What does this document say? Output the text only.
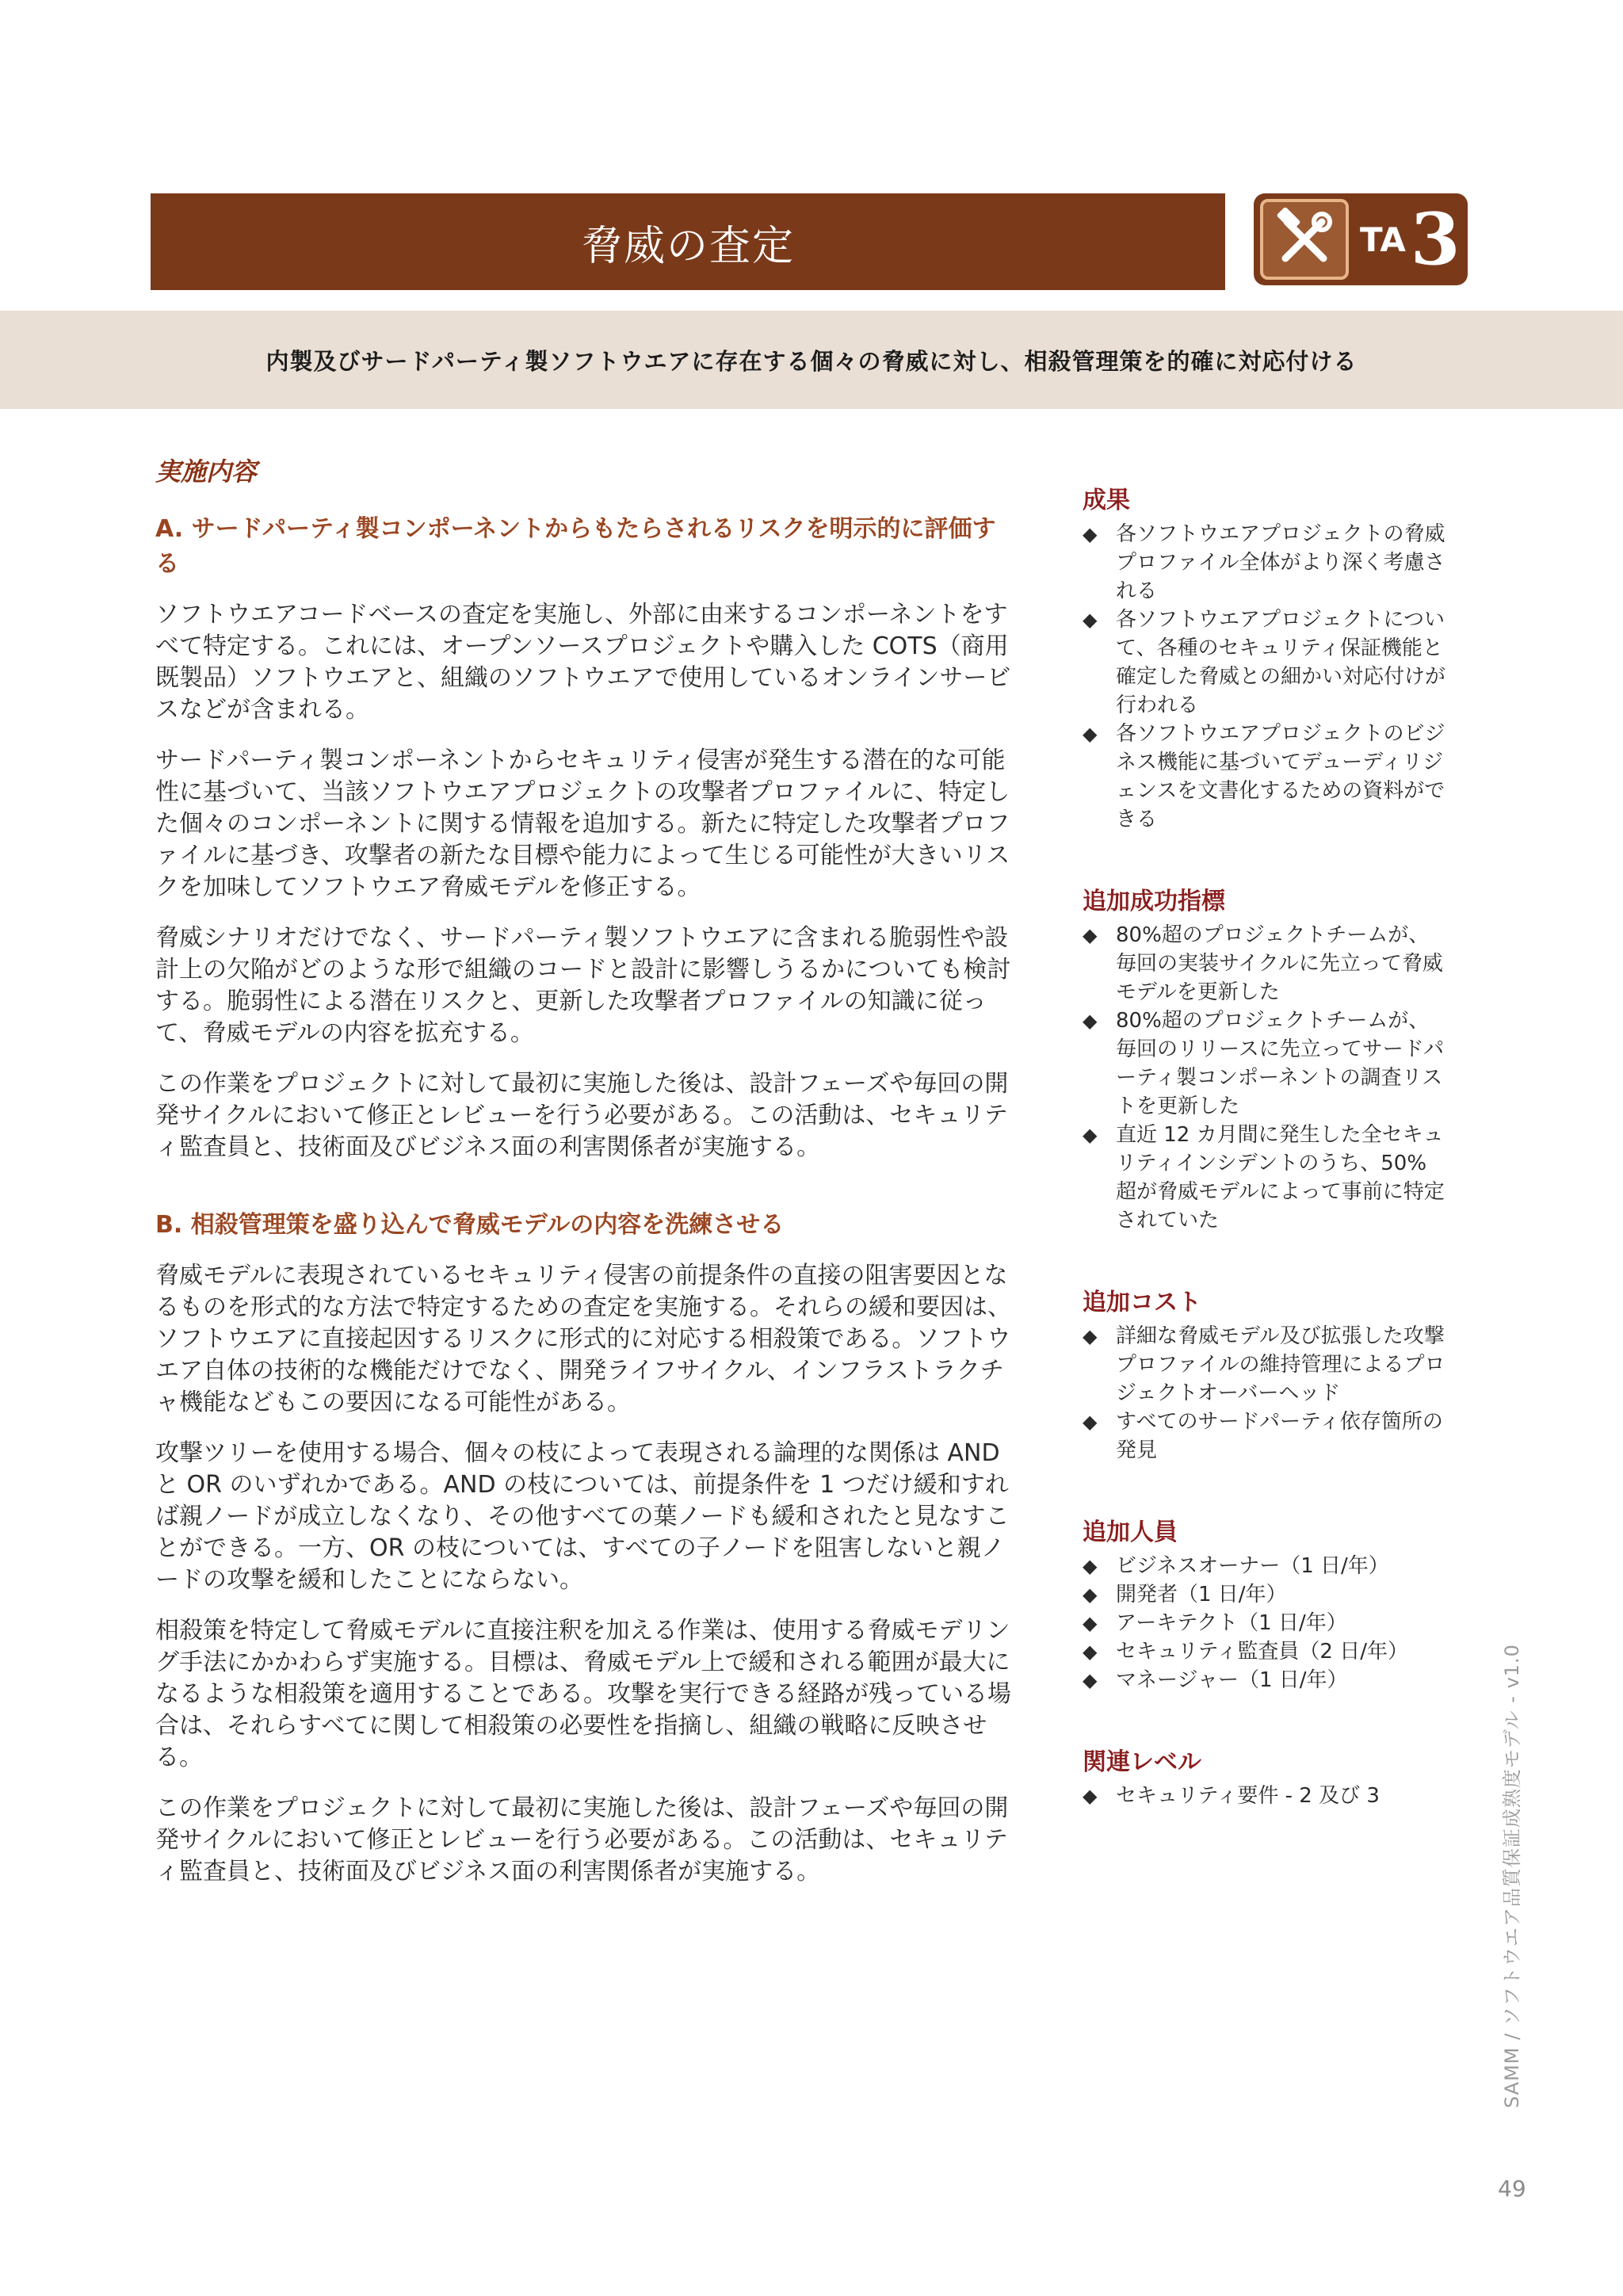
脅威の査定	TA 3

内製及びサードパーティ製ソフトウエアに存在する個々の脅威に対し、相殺管理策を的確に対応付ける

実施内容
A. サードパーティ製コンポーネントからもたらされるリスクを明示的に評価する

ソフトウエアコードベースの査定を実施し、外部に由来するコンポーネントをすべて特定する。これには、オープンソースプロジェクトや購入した COTS（商用既製品）ソフトウエアと、組織のソフトウエアで使用しているオンラインサービスなどが含まれる。

サードパーティ製コンポーネントからセキュリティ侵害が発生する潜在的な可能性に基づいて、当該ソフトウエアプロジェクトの攻撃者プロファイルに、特定した個々のコンポーネントに関する情報を追加する。新たに特定した攻撃者プロファイルに基づき、攻撃者の新たな目標や能力によって生じる可能性が大きいリスクを加味してソフトウエア脅威モデルを修正する。

脅威シナリオだけでなく、サードパーティ製ソフトウエアに含まれる脆弱性や設計上の欠陥がどのような形で組織のコードと設計に影響しうるかについても検討する。脆弱性による潜在リスクと、更新した攻撃者プロファイルの知識に従って、脅威モデルの内容を拡充する。

この作業をプロジェクトに対して最初に実施した後は、設計フェーズや毎回の開発サイクルにおいて修正とレビューを行う必要がある。この活動は、セキュリティ監査員と、技術面及びビジネス面の利害関係者が実施する。

B. 相殺管理策を盛り込んで脅威モデルの内容を洗練させる

脅威モデルに表現されているセキュリティ侵害の前提条件の直接の阻害要因となるものを形式的な方法で特定するための査定を実施する。それらの緩和要因は、ソフトウエアに直接起因するリスクに形式的に対応する相殺策である。ソフトウエア自体の技術的な機能だけでなく、開発ライフサイクル、インフラストラクチャ機能などもこの要因になる可能性がある。

攻撃ツリーを使用する場合、個々の枝によって表現される論理的な関係は AND と OR のいずれかである。AND の枝については、前提条件を 1 つだけ緩和すれば親ノードが成立しなくなり、その他すべての葉ノードも緩和されたと見なすことができる。一方、OR の枝については、すべての子ノードを阻害しないと親ノードの攻撃を緩和したことにならない。

相殺策を特定して脅威モデルに直接注釈を加える作業は、使用する脅威モデリング手法にかかわらず実施する。目標は、脅威モデル上で緩和される範囲が最大になるような相殺策を適用することである。攻撃を実行できる経路が残っている場合は、それらすべてに関して相殺策の必要性を指摘し、組織の戦略に反映させる。

この作業をプロジェクトに対して最初に実施した後は、設計フェーズや毎回の開発サイクルにおいて修正とレビューを行う必要がある。この活動は、セキュリティ監査員と、技術面及びビジネス面の利害関係者が実施する。

成果
◆ 各ソフトウエアプロジェクトの脅威プロファイル全体がより深く考慮される
◆ 各ソフトウエアプロジェクトについて、各種のセキュリティ保証機能と確定した脅威との細かい対応付けが行われる
◆ 各ソフトウエアプロジェクトのビジネス機能に基づいてデューディリジェンスを文書化するための資料ができる
追加成功指標
◆ 80%超のプロジェクトチームが、毎回の実装サイクルに先立って脅威モデルを更新した
◆ 80%超のプロジェクトチームが、毎回のリリースに先立ってサードパーティ製コンポーネントの調査リストを更新した
◆ 直近 12 カ月間に発生した全セキュリティインシデントのうち、50%超が脅威モデルによって事前に特定されていた
追加コスト
◆ 詳細な脅威モデル及び拡張した攻撃プロファイルの維持管理によるプロジェクトオーバーヘッド
◆ すべてのサードパーティ依存箇所の発見
追加人員
◆ ビジネスオーナー（1 日/年）
◆ 開発者（1 日/年）
◆ アーキテクト（1 日/年）
◆ セキュリティ監査員（2 日/年）
◆ マネージャー（1 日/年）
関連レベル
◆ セキュリティ要件 - 2 及び 3	SAMM / ソフトウエア品質保証成熟度モデル - v1.0
49
